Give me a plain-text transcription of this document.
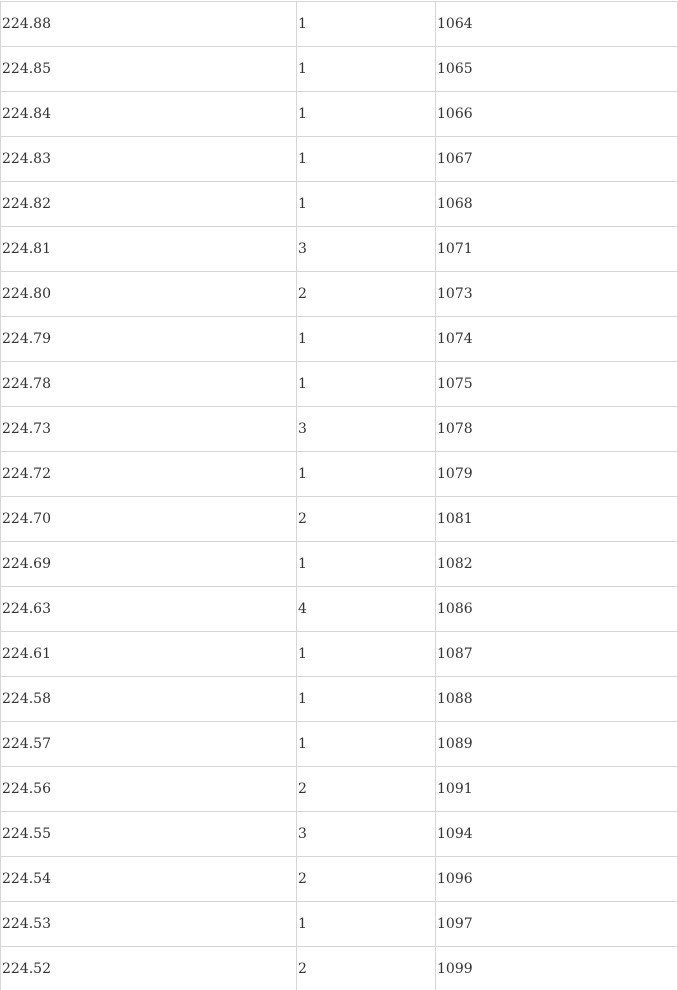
224.88	1	1064
224.85	1	1065
224.84	1	1066
224.83	1	1067
224.82	1	1068
224.81	3	1071
224.80	2	1073
224.79	1	1074
224.78	1	1075
224.73	3	1078
224.72	1	1079
224.70	2	1081
224.69	1	1082
224.63	4	1086
224.61	1	1087
224.58	1	1088
224.57	1	1089
224.56	2	1091
224.55	3	1094
224.54	2	1096
224.53	1	1097
224.52	2	1099
